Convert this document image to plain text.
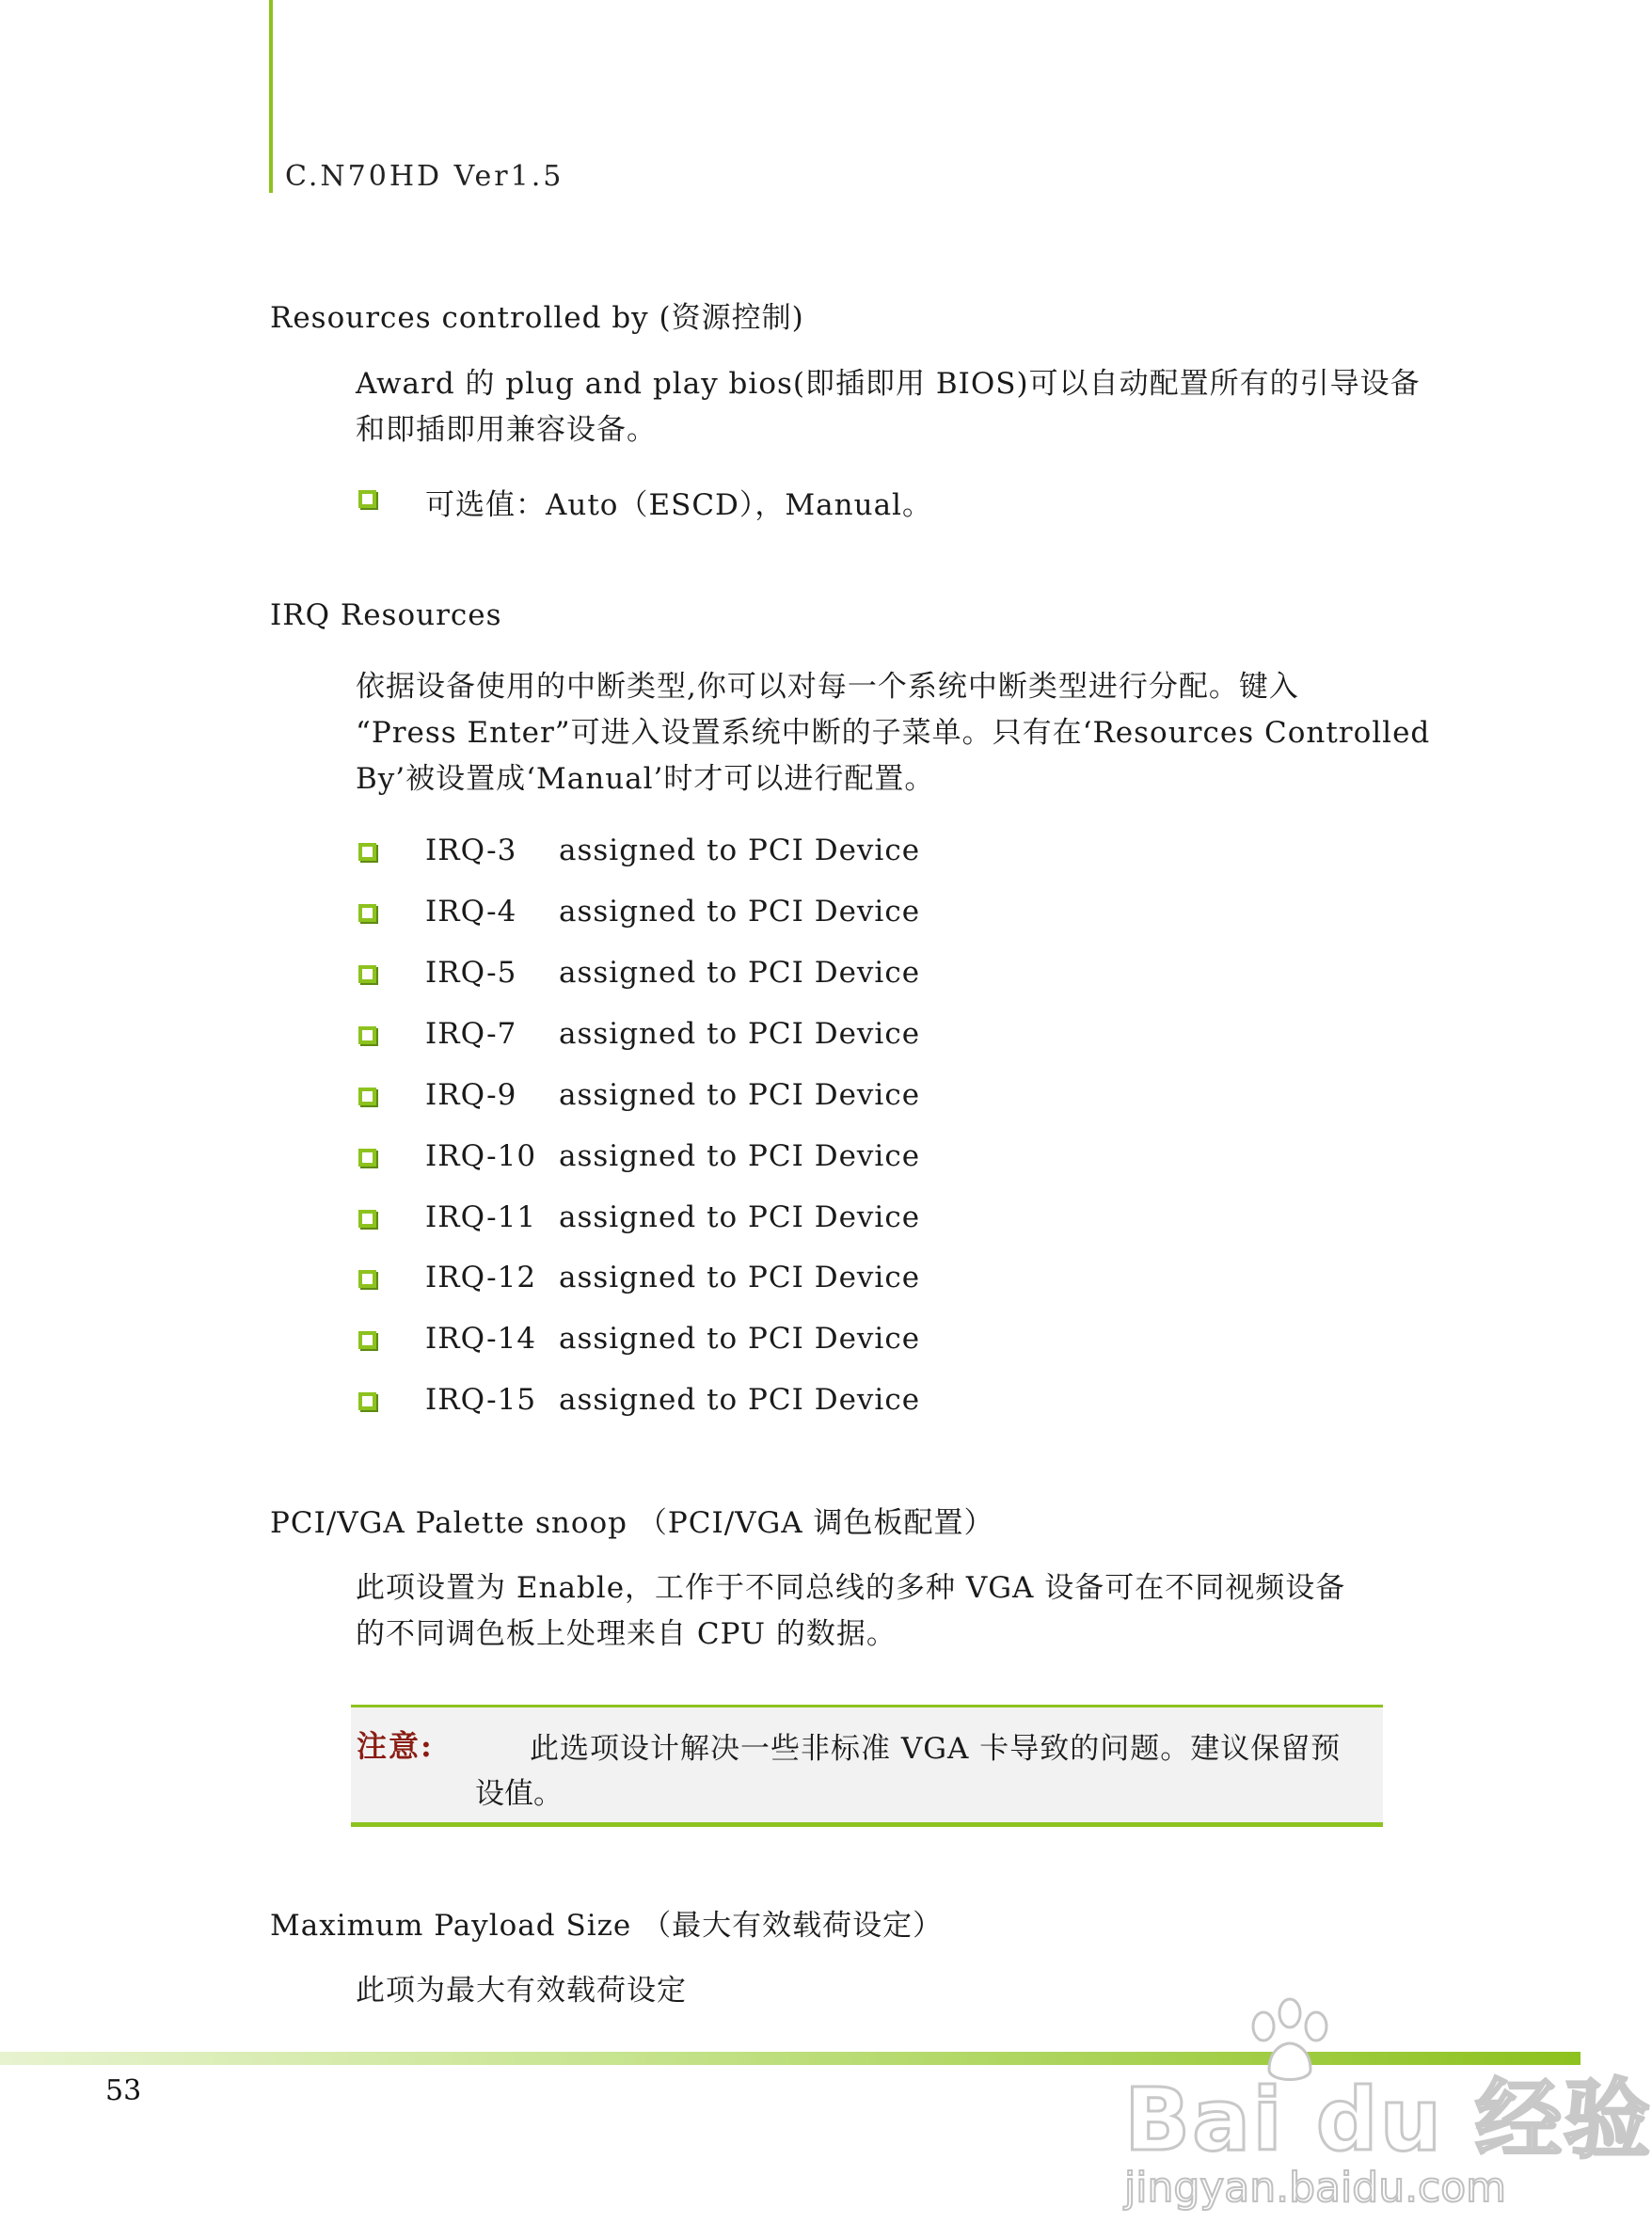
C.N70HD Ver1.5
Resources controlled by (资源控制)

Award 的 plug and play bios(即插即用 BIOS)可以自动配置所有的引导设备

和即插即用兼容设备。

可选值：Auto（ESCD），Manual。
IRQ Resources

依据设备使用的中断类型,你可以对每一个系统中断类型进行分配。键入

“Press Enter”可进入设置系统中断的子菜单。只有在‘Resources Controlled

By’被设置成‘Manual’时才可以进行配置。

IRQ-3 assigned to PCI Device
IRQ-4 assigned to PCI Device
IRQ-5 assigned to PCI Device
IRQ-7 assigned to PCI Device
IRQ-9 assigned to PCI Device
IRQ-10 assigned to PCI Device
IRQ-11 assigned to PCI Device
IRQ-12 assigned to PCI Device
IRQ-14 assigned to PCI Device
IRQ-15 assigned to PCI Device
PCI/VGA Palette snoop （PCI/VGA 调色板配置）

此项设置为 Enable，工作于不同总线的多种 VGA 设备可在不同视频设备

的不同调色板上处理来自 CPU 的数据。

注意:	此选项设计解决一些非标准 VGA 卡导致的问题。建议保留预
设值。
Maximum Payload Size （最大有效载荷设定）

此项为最大有效载荷设定

53	Bai du 经验
jingyan.baidu.com
